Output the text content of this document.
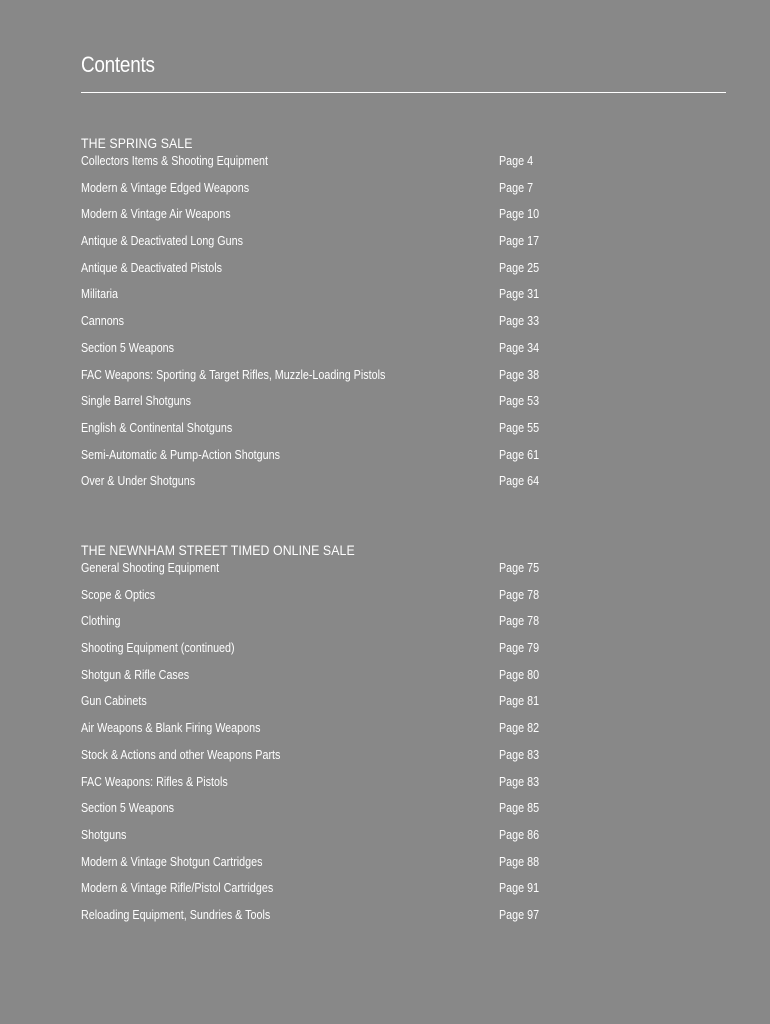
Contents
THE SPRING SALE
Collectors Items & Shooting Equipment	Page 4
Modern & Vintage Edged Weapons	Page 7
Modern & Vintage Air Weapons	Page 10
Antique & Deactivated Long Guns	Page 17
Antique & Deactivated Pistols	Page 25
Militaria	Page 31
Cannons	Page 33
Section 5 Weapons	Page 34
FAC Weapons: Sporting & Target Rifles, Muzzle-Loading Pistols	Page 38
Single Barrel Shotguns	Page 53
English & Continental Shotguns	Page 55
Semi-Automatic & Pump-Action Shotguns	Page 61
Over & Under Shotguns	Page 64
THE NEWNHAM STREET TIMED ONLINE SALE
General Shooting Equipment	Page 75
Scope & Optics	Page 78
Clothing	Page 78
Shooting Equipment (continued)	Page 79
Shotgun & Rifle Cases	Page 80
Gun Cabinets	Page 81
Air Weapons & Blank Firing Weapons	Page 82
Stock & Actions and other Weapons Parts	Page 83
FAC Weapons: Rifles & Pistols	Page 83
Section 5 Weapons	Page 85
Shotguns	Page 86
Modern & Vintage Shotgun Cartridges	Page 88
Modern & Vintage Rifle/Pistol Cartridges	Page 91
Reloading Equipment, Sundries & Tools	Page 97
